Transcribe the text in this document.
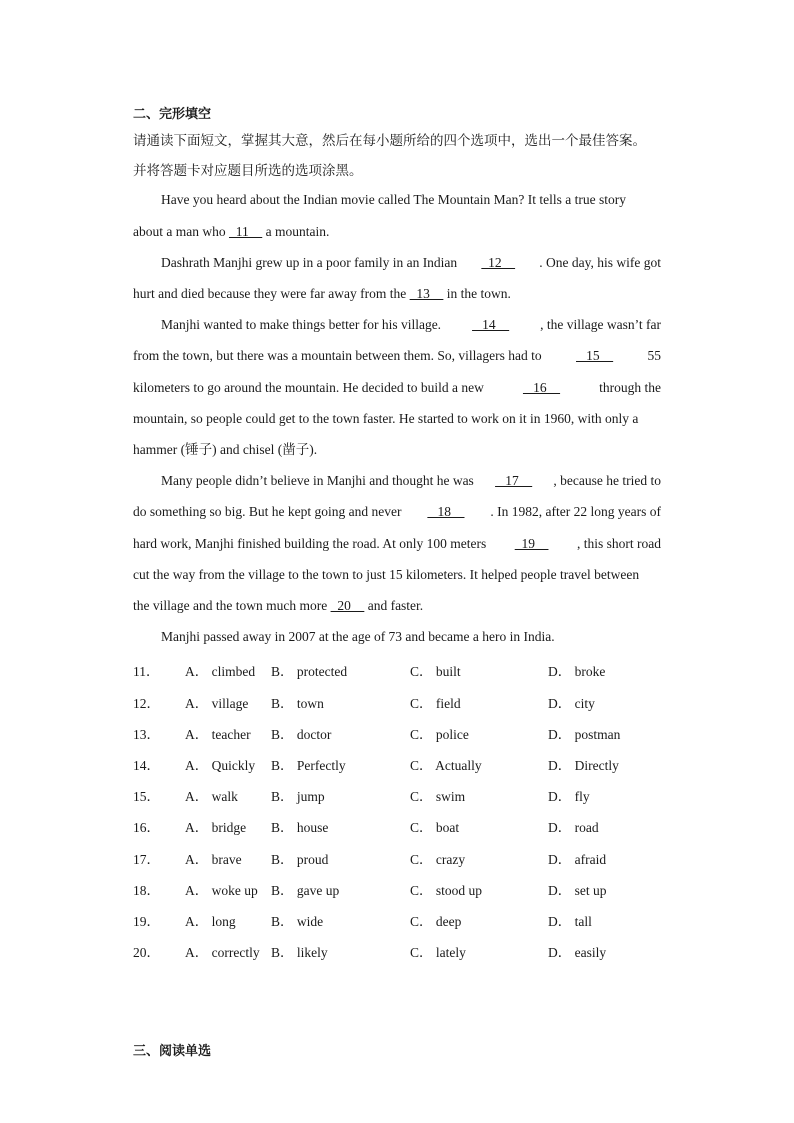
二、完形填空
请通读下面短文，掌握其大意，然后在每小题所给的四个选项中，选出一个最佳答案。
并将答题卡对应题目所选的选项涂黑。
Have you heard about the Indian movie called The Mountain Man? It tells a true story
about a man who   11     a mountain.
Dashrath Manjhi grew up in a poor family in an Indian 12 . One day, his wife got
hurt and died because they were far away from the   13     in the town.
Manjhi wanted to make things better for his village. 14 , the village wasn’t far
from the town, but there was a mountain between them. So, villagers had to	15	55
kilometers to go around the mountain. He decided to build a new	16	through the
mountain, so people could get to the town faster. He started to work on it in 1960, with only a
hammer (锤子) and chisel (凿子).
Many people didn’t believe in Manjhi and thought he was 17 , because he tried to
do something so big. But he kept going and never 18 . In 1982, after 22 long years of
hard work, Manjhi finished building the road. At only 100 meters 19 , this short road
cut the way from the village to the town to just 15 kilometers. It helped people travel between
the village and the town much more   20     and faster.
Manjhi passed away in 2007 at the age of 73 and became a hero in India.
11． A． climbed B． protected	C． built	D． broke
12． A． village B． town	C． field	D． city
13． A． teacher B． doctor	C． police	D． postman
14． A． Quickly B． Perfectly	C． Actually	D． Directly
15． A． walk B． jump	C． swim	D． fly
16． A． bridge B． house	C． boat	D． road
17． A． brave B． proud	C． crazy	D． afraid
18． A． woke up B． gave up	C． stood up	D． set up
19． A． long	B． wide	C． deep	D． tall
20． A． correctly B． likely	C． lately	D． easily
三、阅读单选
